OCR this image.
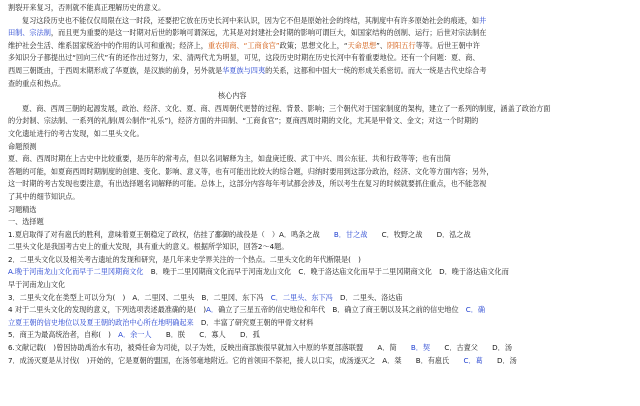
割裂开来复习，否则就不能真正理解历史的意义。
复习这段历史也不能仅仅局限在这一时段，还要把它放在历史长河中来认识，因为它不但是原始社会的终结，其制度中有许多原始社会的痕迹，如井
田制、宗法制，而且更为重要的是这一时期对后世的影响可谓深远，尤其是对封建社会时期的影响可谓巨大，如国家结构的创制、运行；后世对宗法制在
维护社会生活、维系国家统治中的作用的认可和重视；经济上，重农抑商、“工商食官”政策；思想文化上，“天命思想”、阴阳五行等等。后世王朝中许
多知识分子都提出过“回向三代”有的还作出过努力，宋、清两代尤为明显，可见，这段历史时期在历史长河中有着重要地位。还有一个问题：夏、商、
西周三朝既由，于西周末期形成了华夏族，是汉族的前身，另外就是华夏族与四夷的关系，这都和中国大一统的形成关系密切。而大一统是古代史综合考
查的重点和热点。
核心内容
夏、商、西周三朝的起源发展，政治、经济、文化、夏、商、西周朝代更替的过程、背景、影响；三个朝代对于国家制度的架构，建立了一系列的制度，涵盖了政治方面
的分封制、宗法制、一系列的礼制(周公制作“礼乐”)，经济方面的井田制、“工商食官”；夏商西周时期的文化，尤其是甲骨文、金文；对这一个时期的
文化遗址进行的考古发现，如二里头文化。
命题预测
夏、商、西周时期在上古史中比较重要，是历年的常考点，但以名词解释为主，如盘庚迁殷、武丁中兴、周公东征、共和行政等等；也有出简
答题的可能，如夏商西周时期制度的创建、变化、影响、意义等，也有可能出比较大的综合题，归纳时要用到这部分政治，经济、文化等方面内容；另外，
这一时期的考古发现也要注意，有出选择题名词解释的可能。总体上，这部分内容每年考试都会涉及，所以考生在复习的时候就要抓住重点，也不能忽视
了其中的细节知识点。
习题精选
一、选择题
1.夏启取得了对有扈氏的胜利，意味着夏王朝稳定了政权，估挂了鄱御的战役是（　）A．鸣条之战　　B．甘之战　　C．牧野之战　　D．泓之战
二里头文化是我国考古史上的重大发现，具有重大的意义。根据所学知识，回答2～4题。
2．二里头文化以及相关考古遗址的发现和研究，是几年来史学界关注的一个热点。二里头文化的年代断限是(　)
A.晚于河南龙山文化而早于二里冈期商文化　B．晚于二里冈期商文化而早于河南龙山文化　C．晚于洛达庙文化而早于二里冈期商文化　D．晚于洛达庙文化而
早于河南龙山文化
3．二里头文化在类型上可以分为(　)　A．二里冈、二里头　B．二里冈、东下冯　C．二里头、东下冯　D．二里头、洛达庙
4 对于二里头文化的发现的意义，下列选项表述最准确的是(　)A．确立了三星五帝的信史地位和年代　B．确立了商王朝以及其之前的信史地位　C．确
立夏王朝的信史地位以及夏王朝的政治中心所在地明确起来　D．丰富了研究夏王朝的甲骨文材料
5．商王为最高统治者，自称(　)　A．余一人　　B．朕　　C．寡人　　D．孤
6.文献记载(　)曾因协助禹治水有功，被舜任命为司徒，以子为姓，反映出商部族很早就加入中原的华夏部落联盟　　A．简　　B．契　　C．古亶父　　D．汤
7．成汤灭夏是从讨伐(　)开始的，它是夏朝的盟国，在汤邻毫地附近。它的首领田不祭祀，接人以口实，成汤遂灭之　A．桀　　B．有扈氏　　C．葛　　D．汤
